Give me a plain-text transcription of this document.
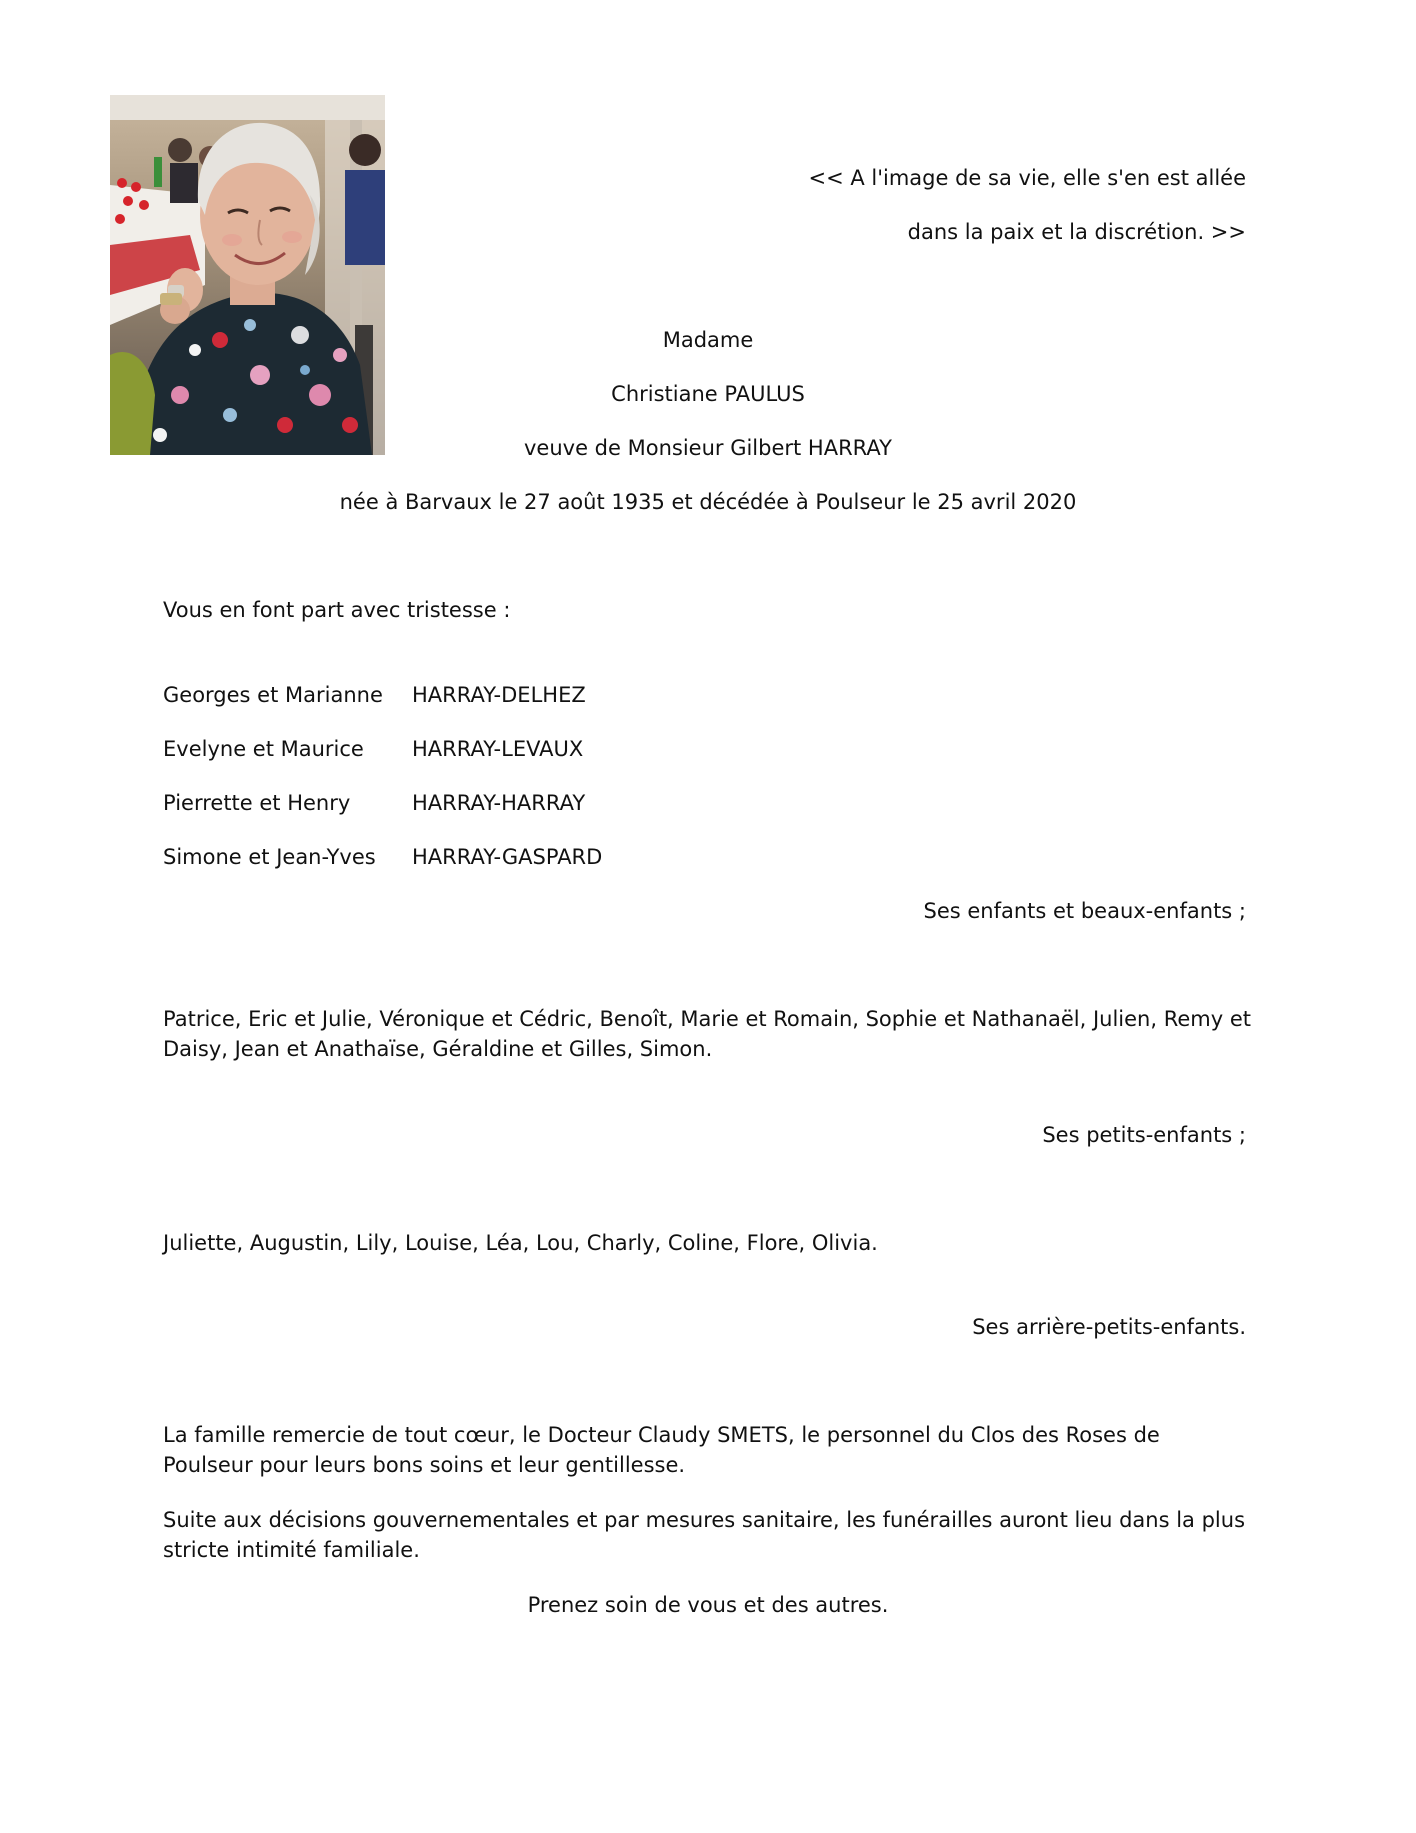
<< A l'image de sa vie, elle s'en est allée
dans la paix et la discrétion. >>
Madame
Christiane PAULUS
veuve de Monsieur Gilbert HARRAY
née à Barvaux le 27 août 1935 et décédée à Poulseur le 25 avril 2020
Vous en font part avec tristesse :
Georges et Marianne HARRAY-DELHEZ
Evelyne et Maurice HARRAY-LEVAUX
Pierrette et Henry	HARRAY-HARRAY
Simone et Jean-Yves HARRAY-GASPARD
Ses enfants et beaux-enfants ;
Patrice, Eric et Julie, Véronique et Cédric, Benoît, Marie et Romain, Sophie et Nathanaël, Julien, Remy et Daisy, Jean et Anathaïse, Géraldine et Gilles, Simon.
Ses petits-enfants ;
Juliette, Augustin, Lily, Louise, Léa, Lou, Charly, Coline, Flore, Olivia.
Ses arrière-petits-enfants.
La famille remercie de tout cœur, le Docteur Claudy SMETS, le personnel du Clos des Roses de Poulseur pour leurs bons soins et leur gentillesse.
Suite aux décisions gouvernementales et par mesures sanitaire, les funérailles auront lieu dans la plus stricte intimité familiale.
Prenez soin de vous et des autres.
